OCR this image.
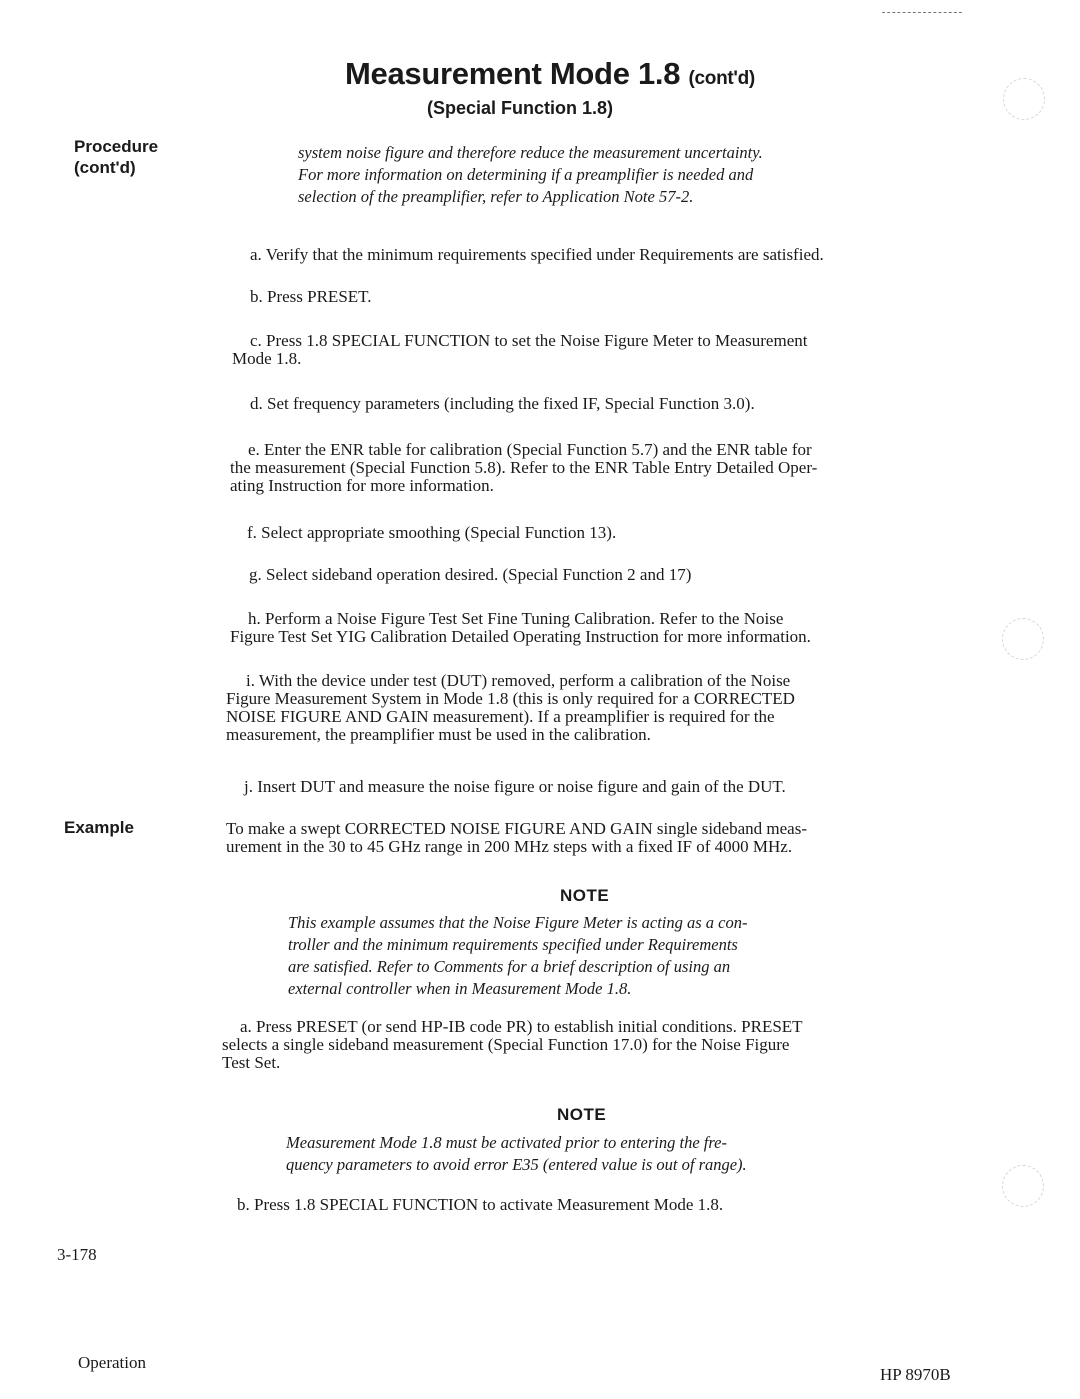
Measurement Mode 1.8 (cont'd)
(Special Function 1.8)
Procedure
(cont'd)
Example
system noise figure and therefore reduce the measurement uncertainty.
For more information on determining if a preamplifier is needed and
selection of the preamplifier, refer to Application Note 57-2.
a. Verify that the minimum requirements specified under Requirements are satisfied.
b. Press PRESET.
c. Press 1.8 SPECIAL FUNCTION to set the Noise Figure Meter to Measurement
Mode 1.8.
d. Set frequency parameters (including the fixed IF, Special Function 3.0).
e. Enter the ENR table for calibration (Special Function 5.7) and the ENR table for
the measurement (Special Function 5.8). Refer to the ENR Table Entry Detailed Oper-
ating Instruction for more information.
f. Select appropriate smoothing (Special Function 13).
g. Select sideband operation desired. (Special Function 2 and 17)
h. Perform a Noise Figure Test Set Fine Tuning Calibration. Refer to the Noise
Figure Test Set YIG Calibration Detailed Operating Instruction for more information.
i. With the device under test (DUT) removed, perform a calibration of the Noise
Figure Measurement System in Mode 1.8 (this is only required for a CORRECTED
NOISE FIGURE AND GAIN measurement). If a preamplifier is required for the
measurement, the preamplifier must be used in the calibration.
j. Insert DUT and measure the noise figure or noise figure and gain of the DUT.
To make a swept CORRECTED NOISE FIGURE AND GAIN single sideband meas-
urement in the 30 to 45 GHz range in 200 MHz steps with a fixed IF of 4000 MHz.
NOTE
This example assumes that the Noise Figure Meter is acting as a con-
troller and the minimum requirements specified under Requirements
are satisfied. Refer to Comments for a brief description of using an
external controller when in Measurement Mode 1.8.
a. Press PRESET (or send HP-IB code PR) to establish initial conditions. PRESET
selects a single sideband measurement (Special Function 17.0) for the Noise Figure
Test Set.
NOTE
Measurement Mode 1.8 must be activated prior to entering the fre-
quency parameters to avoid error E35 (entered value is out of range).
b. Press 1.8 SPECIAL FUNCTION to activate Measurement Mode 1.8.
3-178
Operation
HP 8970B
